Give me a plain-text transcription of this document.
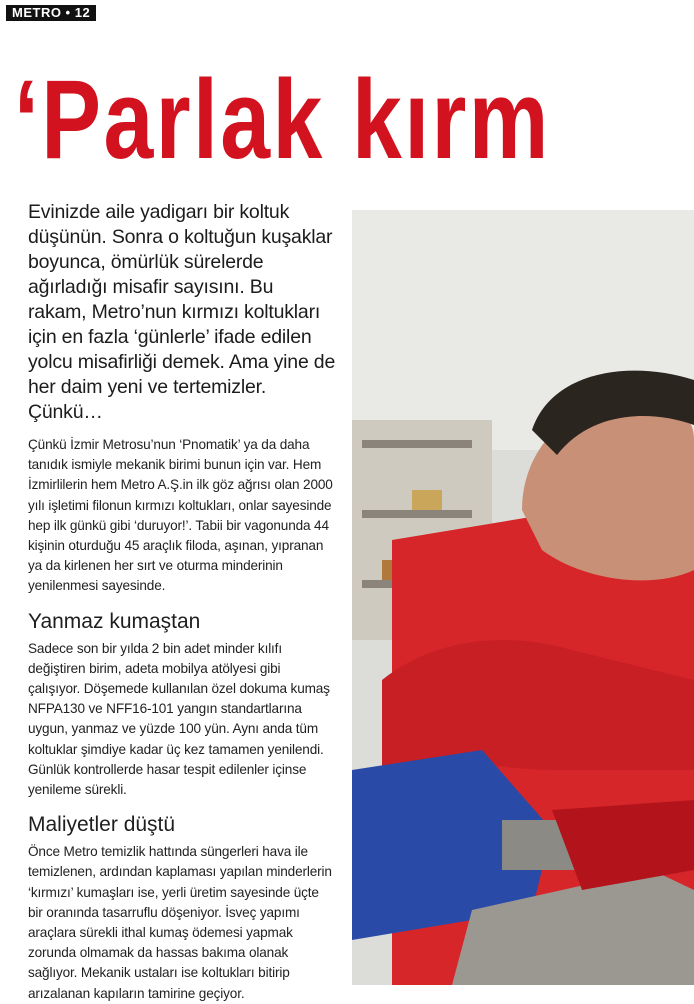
METRO • 12
‘Parlak kırm

Evinizde aile yadigarı bir koltuk düşünün. Sonra o koltuğun kuşaklar boyunca, ömürlük sürelerde ağırladığı misafir sayısını. Bu rakam, Metro’nun kırmızı koltukları için en fazla ‘günlerle’ ifade edilen yolcu misafirliği demek. Ama yine de her daim yeni ve tertemizler. Çünkü…

Çünkü İzmir Metrosu’nun ‘Pnomatik’ ya da daha tanıdık ismiyle mekanik birimi bunun için var. Hem İzmirlilerin hem Metro A.Ş.in ilk göz ağrısı olan 2000 yılı işletimi filonun kırmızı koltukları, onlar sayesinde hep ilk günkü gibi ‘duruyor!’. Tabii bir vagonunda 44 kişinin oturduğu 45 araçlık filoda, aşınan, yıpranan ya da kirlenen her sırt ve oturma minderinin yenilenmesi sayesinde.

Yanmaz kumaştan

Sadece son bir yılda 2 bin adet minder kılıfı değiştiren birim, adeta mobilya atölyesi gibi çalışıyor. Döşemede kullanılan özel dokuma kumaş NFPA130 ve NFF16-101 yangın standartlarına uygun, yanmaz ve yüzde 100 yün. Aynı anda tüm koltuklar şimdiye kadar üç kez tamamen yenilendi. Günlük kontrollerde hasar tespit edilenler içinse yenileme sürekli.

Maliyetler düştü

Önce Metro temizlik hattında süngerleri hava ile temizlenen, ardından kaplaması yapılan minderlerin ‘kırmızı’ kumaşları ise, yerli üretim sayesinde üçte bir oranında tasarruflu döşeniyor. İsveç yapımı araçlara sürekli ithal kumaş ödemesi yapmak zorunda olmamak da hassas bakıma olanak sağlıyor. Mekanik ustaları ise koltukları bitirip arızalanan kapıların tamirine geçiyor.
